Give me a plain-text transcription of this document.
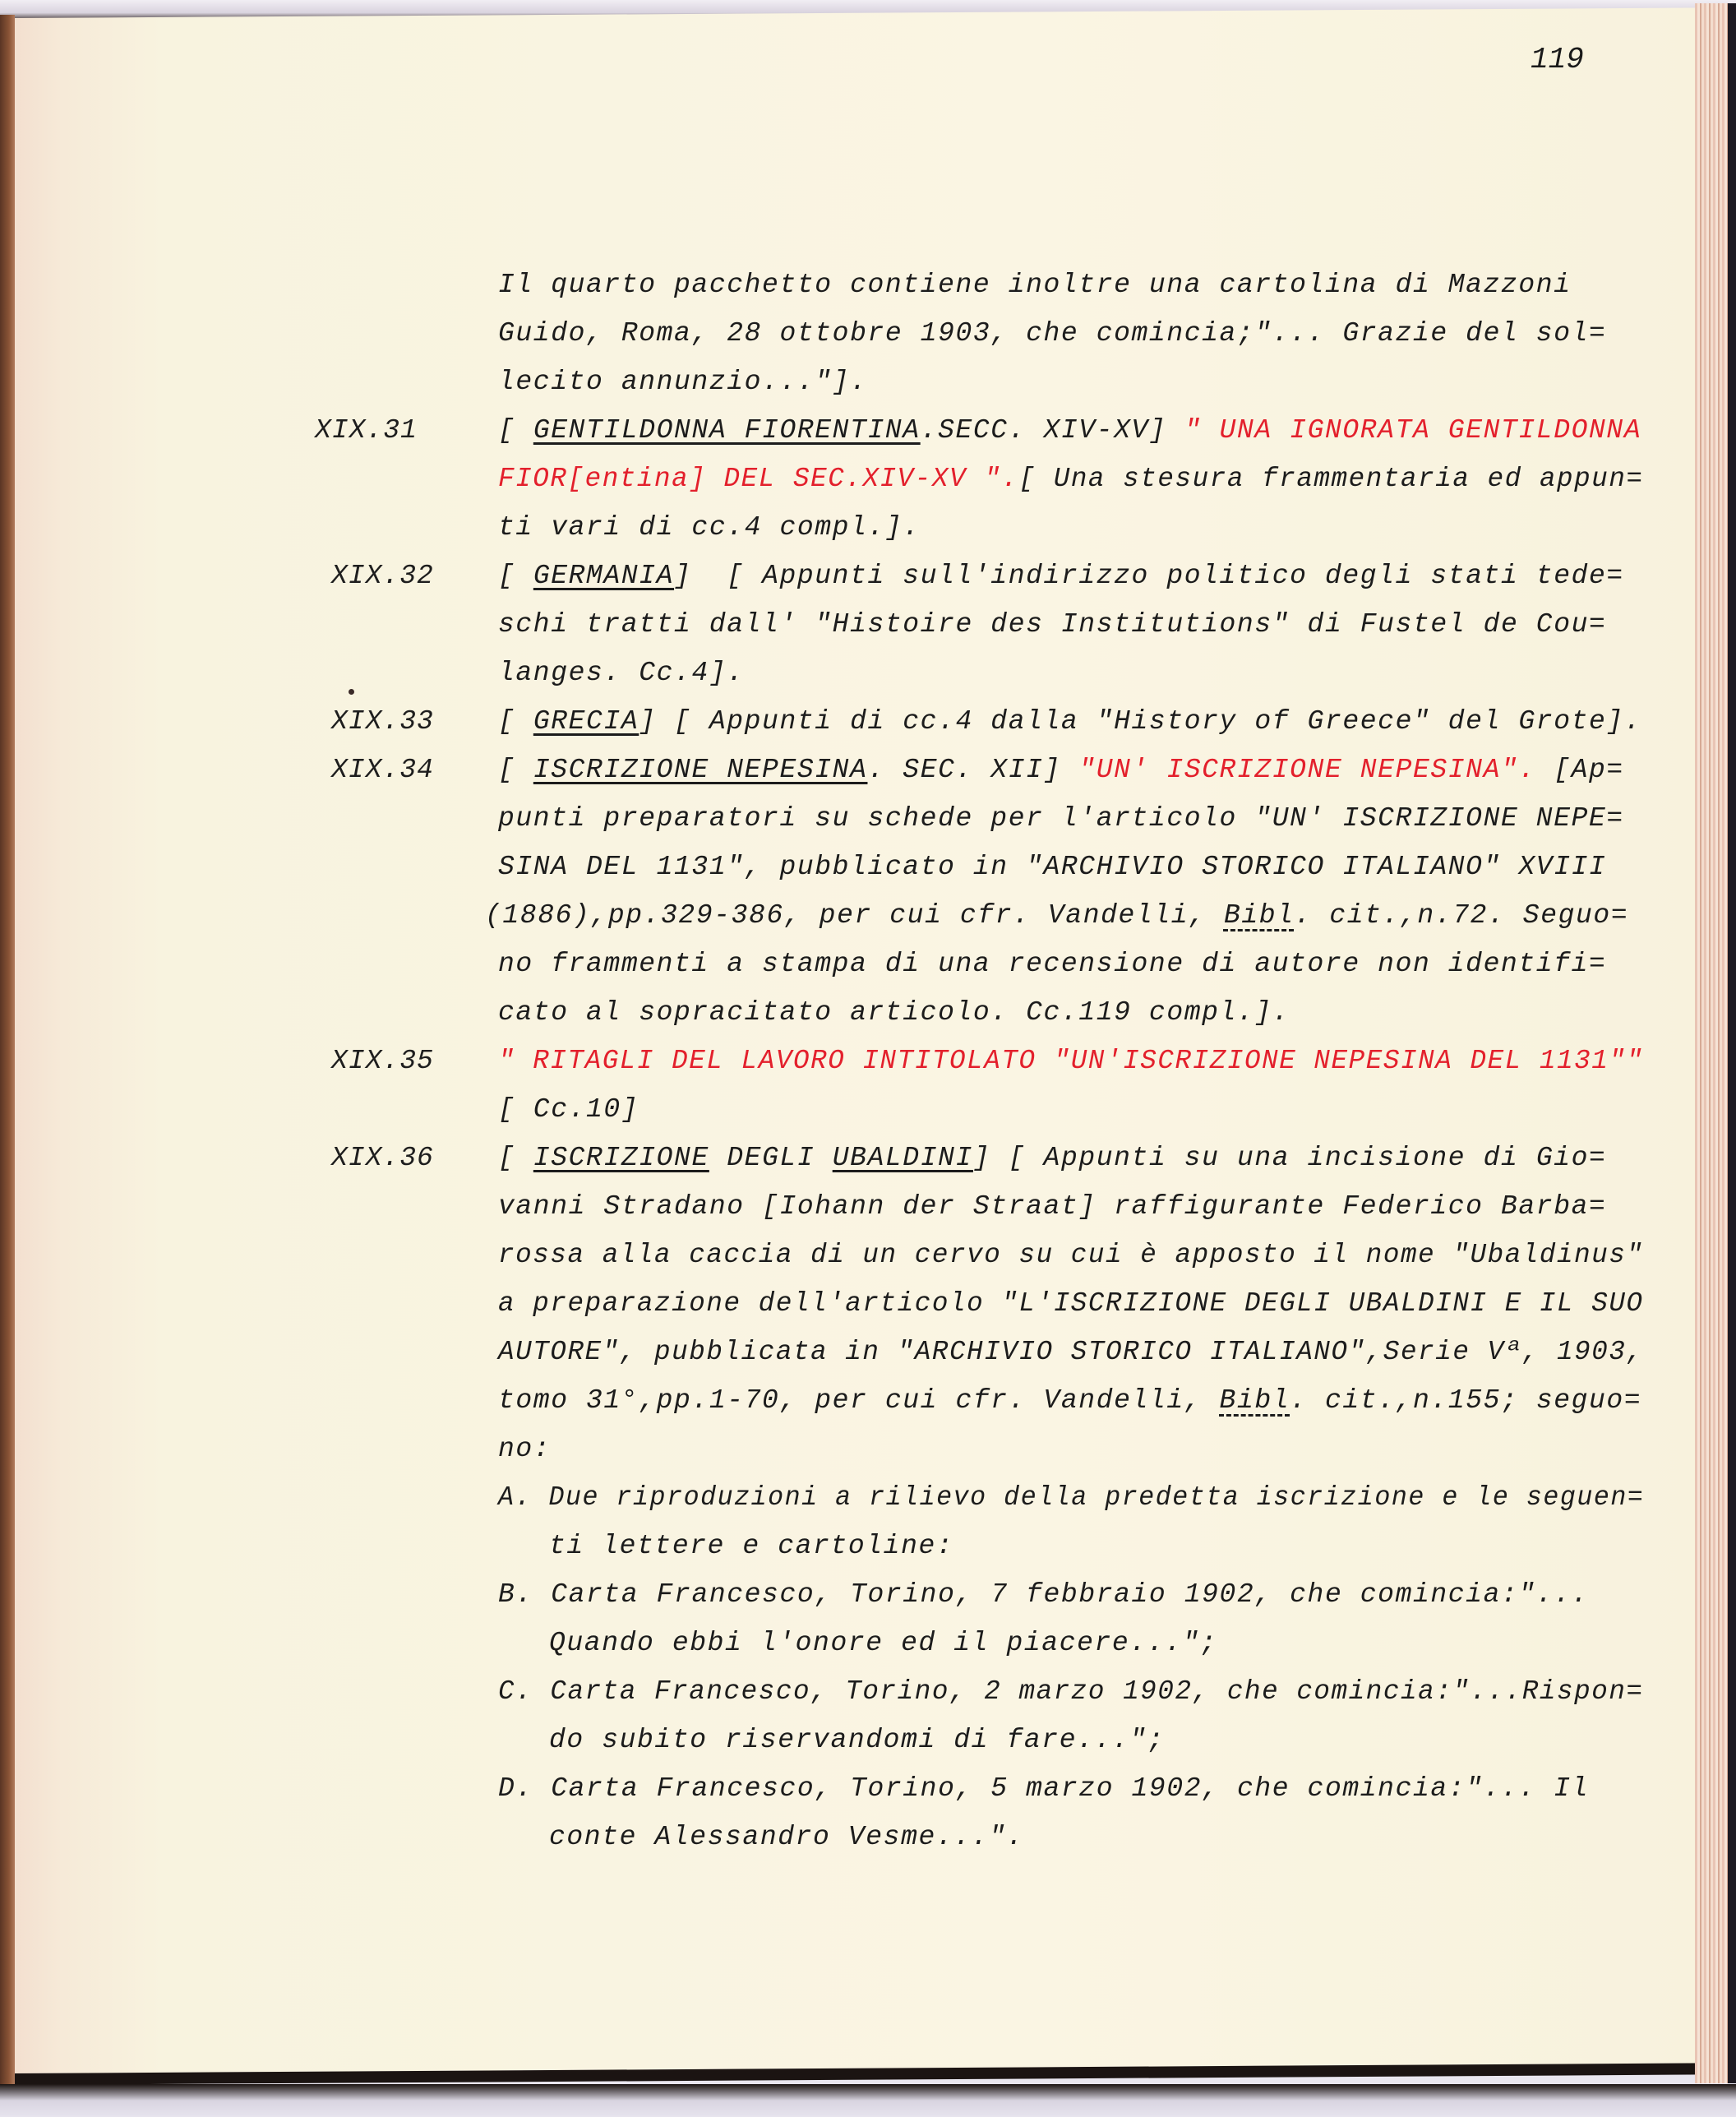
119
Il quarto pacchetto contiene inoltre una cartolina di Mazzoni
Guido, Roma, 28 ottobre 1903, che comincia;"... Grazie del sol=
lecito annunzio..."].
XIX.31	[ GENTILDONNA FIORENTINA.SECC. XIV-XV] " UNA IGNORATA GENTILDONNA
FIOR[entina] DEL SEC.XIV-XV ".[ Una stesura frammentaria ed appun=
ti vari di cc.4 compl.].
XIX.32 [ GERMANIA]  [ Appunti sull'indirizzo politico degli stati tede=
schi tratti dall' "Histoire des Institutions" di Fustel de Cou=
langes. Cc.4].
XIX.33 [ GRECIA] [ Appunti di cc.4 dalla "History of Greece" del Grote].
XIX.34 [ ISCRIZIONE NEPESINA. SEC. XII] "UN' ISCRIZIONE NEPESINA". [Ap=
punti preparatori su schede per l'articolo "UN' ISCRIZIONE NEPE=
SINA DEL 1131", pubblicato in "ARCHIVIO STORICO ITALIANO" XVIII
(1886),pp.329-386, per cui cfr. Vandelli, Bibl. cit.,n.72. Seguo=
no frammenti a stampa di una recensione di autore non identifi=
cato al sopracitato articolo. Cc.119 compl.].
XIX.35 " RITAGLI DEL LAVORO INTITOLATO "UN'ISCRIZIONE NEPESINA DEL 1131""
[ Cc.10]
XIX.36 [ ISCRIZIONE DEGLI UBALDINI] [ Appunti su una incisione di Gio=
vanni Stradano [Iohann der Straat] raffigurante Federico Barba=
rossa alla caccia di un cervo su cui è apposto il nome "Ubaldinus"
a preparazione dell'articolo "L'ISCRIZIONE DEGLI UBALDINI E IL SUO
AUTORE", pubblicata in "ARCHIVIO STORICO ITALIANO",Serie Vª, 1903,
tomo 31°,pp.1-70, per cui cfr. Vandelli, Bibl. cit.,n.155; seguo=
no:
A. Due riproduzioni a rilievo della predetta iscrizione e le seguen=
ti lettere e cartoline:
B. Carta Francesco, Torino, 7 febbraio 1902, che comincia:"...
Quando ebbi l'onore ed il piacere...";
C. Carta Francesco, Torino, 2 marzo 1902, che comincia:"...Rispon=
do subito riservandomi di fare...";
D. Carta Francesco, Torino, 5 marzo 1902, che comincia:"... Il
conte Alessandro Vesme...".
